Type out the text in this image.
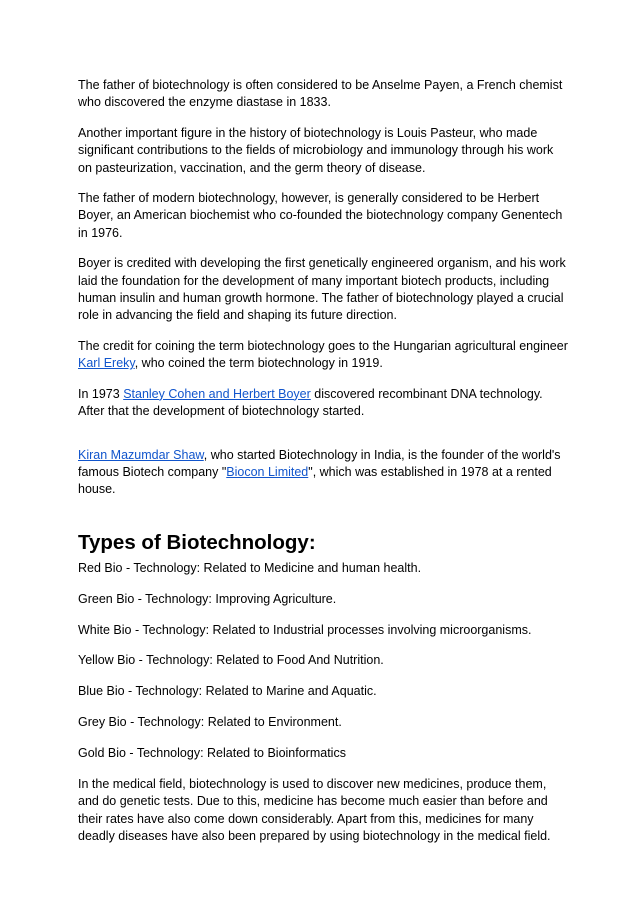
The father of biotechnology is often considered to be Anselme Payen, a French chemist who discovered the enzyme diastase in 1833.

Another important figure in the history of biotechnology is Louis Pasteur, who made significant contributions to the fields of microbiology and immunology through his work on pasteurization, vaccination, and the germ theory of disease.

The father of modern biotechnology, however, is generally considered to be Herbert Boyer, an American biochemist who co-founded the biotechnology company Genentech in 1976.

Boyer is credited with developing the first genetically engineered organism, and his work laid the foundation for the development of many important biotech products, including human insulin and human growth hormone. The father of biotechnology played a crucial role in advancing the field and shaping its future direction.

The credit for coining the term biotechnology goes to the Hungarian agricultural engineer Karl Ereky, who coined the term biotechnology in 1919.

In 1973 Stanley Cohen and Herbert Boyer discovered recombinant DNA technology. After that the development of biotechnology started.

Kiran Mazumdar Shaw, who started Biotechnology in India, is the founder of the world's famous Biotech company "Biocon Limited", which was established in 1978 at a rented house.

Types of Biotechnology:

Red Bio - Technology: Related to Medicine and human health.

Green Bio - Technology: Improving Agriculture.

White Bio - Technology: Related to Industrial processes involving microorganisms.

Yellow Bio - Technology: Related to Food And Nutrition.

Blue Bio - Technology: Related to Marine and Aquatic.

Grey Bio - Technology: Related to Environment.

Gold Bio - Technology: Related to Bioinformatics

In the medical field, biotechnology is used to discover new medicines, produce them, and do genetic tests. Due to this, medicine has become much easier than before and their rates have also come down considerably. Apart from this, medicines for many deadly diseases have also been prepared by using biotechnology in the medical field.
